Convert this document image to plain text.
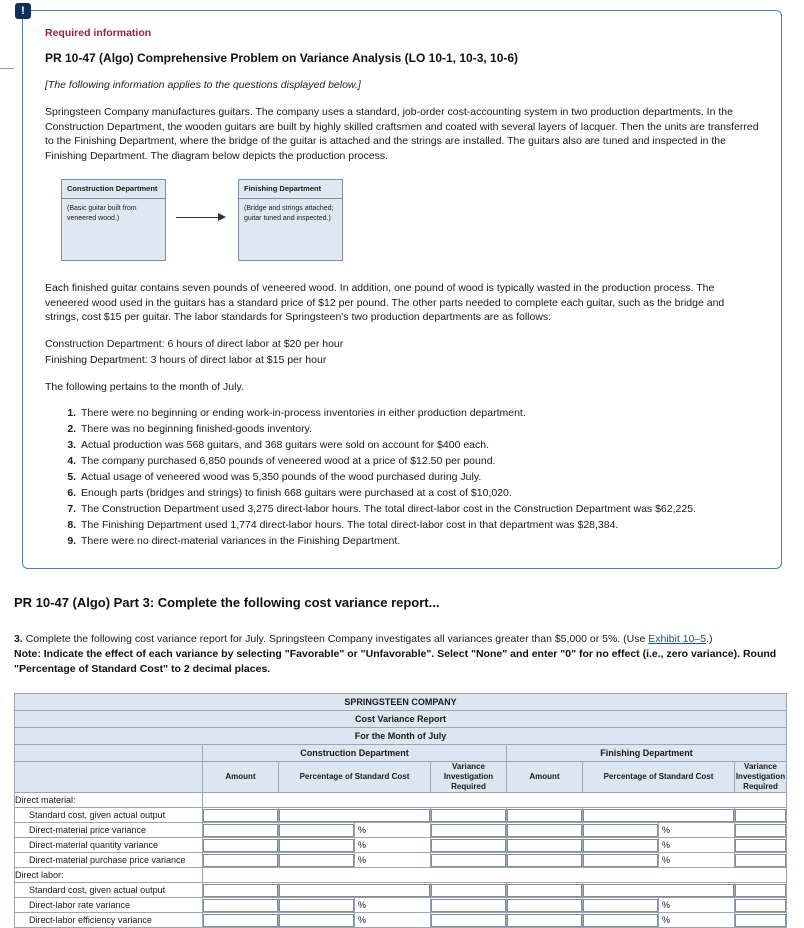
!
Required information
PR 10-47 (Algo) Comprehensive Problem on Variance Analysis (LO 10-1, 10-3, 10-6)
[The following information applies to the questions displayed below.]
Springsteen Company manufactures guitars. The company uses a standard, job-order cost-accounting system in two production departments. In the Construction Department, the wooden guitars are built by highly skilled craftsmen and coated with several layers of lacquer. Then the units are transferred to the Finishing Department, where the bridge of the guitar is attached and the strings are installed. The guitars also are tuned and inspected in the Finishing Department. The diagram below depicts the production process.
Construction Department
(Basic guitar built from veneered wood.)
Finishing Department
(Bridge and strings attached; guitar tuned and inspected.)
Each finished guitar contains seven pounds of veneered wood. In addition, one pound of wood is typically wasted in the production process. The veneered wood used in the guitars has a standard price of $12 per pound. The other parts needed to complete each guitar, such as the bridge and strings, cost $15 per guitar. The labor standards for Springsteen's two production departments are as follows:
Construction Department: 6 hours of direct labor at $20 per hour
Finishing Department: 3 hours of direct labor at $15 per hour
The following pertains to the month of July.
1. There were no beginning or ending work-in-process inventories in either production department.
2. There was no beginning finished-goods inventory.
3. Actual production was 568 guitars, and 368 guitars were sold on account for $400 each.
4. The company purchased 6,850 pounds of veneered wood at a price of $12.50 per pound.
5. Actual usage of veneered wood was 5,350 pounds of the wood purchased during July.
6. Enough parts (bridges and strings) to finish 668 guitars were purchased at a cost of $10,020.
7. The Construction Department used 3,275 direct-labor hours. The total direct-labor cost in the Construction Department was $62,225.
8. The Finishing Department used 1,774 direct-labor hours. The total direct-labor cost in that department was $28,384.
9. There were no direct-material variances in the Finishing Department.
PR 10-47 (Algo) Part 3: Complete the following cost variance report...
3. Complete the following cost variance report for July. Springsteen Company investigates all variances greater than $5,000 or 5%. (Use Exhibit 10–5.)
Note: Indicate the effect of each variance by selecting "Favorable" or "Unfavorable". Select "None" and enter "0" for no effect (i.e., zero variance). Round "Percentage of Standard Cost" to 2 decimal places.
SPRINGSTEEN COMPANY								
Cost Variance Report								
For the Month of July								
	Construction Department				Finishing Department			
	Amount	Percentage of Standard Cost		Variance Investigation Required	Amount	Percentage of Standard Cost		Variance Investigation Required
Direct material:								
Standard cost, given actual output						
Direct-material price variance			%				%	
Direct-material quantity variance			%				%	
Direct-material purchase price variance			%				%	
Direct labor:								
Standard cost, given actual output						
Direct-labor rate variance			%				%	
Direct-labor efficiency variance			%				%	
